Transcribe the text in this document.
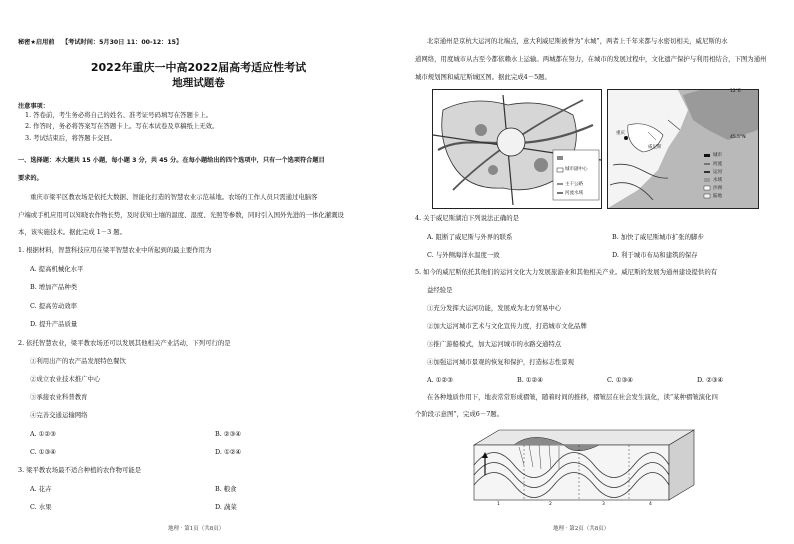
秘密★启用前 【考试时间：5月30日 11：00-12：15】
2022年重庆一中高2022届高考适应性考试
地理试题卷
注意事项：
1. 答卷前，考生务必将自己的姓名、准考证号码填写在答题卡上。
2. 作答时，务必将答案写在答题卡上。写在本试卷及草稿纸上无效。
3. 考试结束后，将答题卡交回。
一、选择题：本大题共 15 小题，每小题 3 分，共 45 分。在每小题给出的四个选项中，只有一个选项符合题目
要求的。
重庆市梁平区教农场是依托大数据、智能化打造的智慧农业示范基地。农场的工作人员只需通过电脑客
户端或手机应用可以知晓农作物长势，及时获知土壤的温度、湿度、光照等参数，同时引入国外先进的一体化灌溉设
本，该实施技术。据此完成 1－3 题。
1. 根据材料，智慧科技应用在梁平智慧农业中所起到的最主要作用为
A. 提高机械化水平
B. 增加产品种类
C. 提高劳动效率
D. 提升产品质量
2. 依托智慧农业，梁平教农场还可以发展其他相关产业活动，下列可行的是
①利用出产的农产品发展特色餐饮
②成立农业技术推广中心
③承接农业科普教育
④完善交通运输网络
A. ①②③	B. ②③④
C. ①③④	D. ①②④
3. 梁平教农场最不适合种植的农作物可能是
A. 花卉	B. 粮食
C. 水果	D. 蔬菜
地理 · 第1页（共8页）
北京通州是京杭大运河的北端点，意大利威尼斯被誉为“水城”，两者上千年来都与水密切相关，威尼斯的水
道网络，用度城市从古至今都依赖水上运输。两城都在努力，在城市的发展过程中，文化遗产保护与利用相结合，下图为通州
城市规划图和威尼斯城区图。据此完成4－5题。
城市副中心
主干公路
河流水域
12°E
45.5°N
威尼斯
重庆
城市
河流
运河
水域
沙洲
陆地
4. 关于威尼斯湖泊下列说法正确的是
A. 阻断了威尼斯与外界的联系	B. 加快了威尼斯城市扩张的脚步
C. 与外侧海洋水温度一致	D. 利于城市布局和建筑的保存
5. 如今的威尼斯依托其他们的运河文化大力发展旅游业和其他相关产业。威尼斯的发展为通州建设提供的有
益经验是
①充分发挥大运河功能，发展成为北方贸易中心
②加大运河城市艺术与文化宣传力度，打造城市文化品牌
③推广游船模式，加大运河城市的水路交通特点
④加强运河城市景观的恢复和保护，打造标志性景观
A. ①②③	B. ①②④	C. ①③④	D. ②③④
在各种地质作用下，地表常常形成褶皱，随着时间的推移，褶皱层在社会发生演化，读“某种褶皱演化四
个阶段示意图”，完成6－7题。
1	2	3	4
地理 · 第2页（共8页）
